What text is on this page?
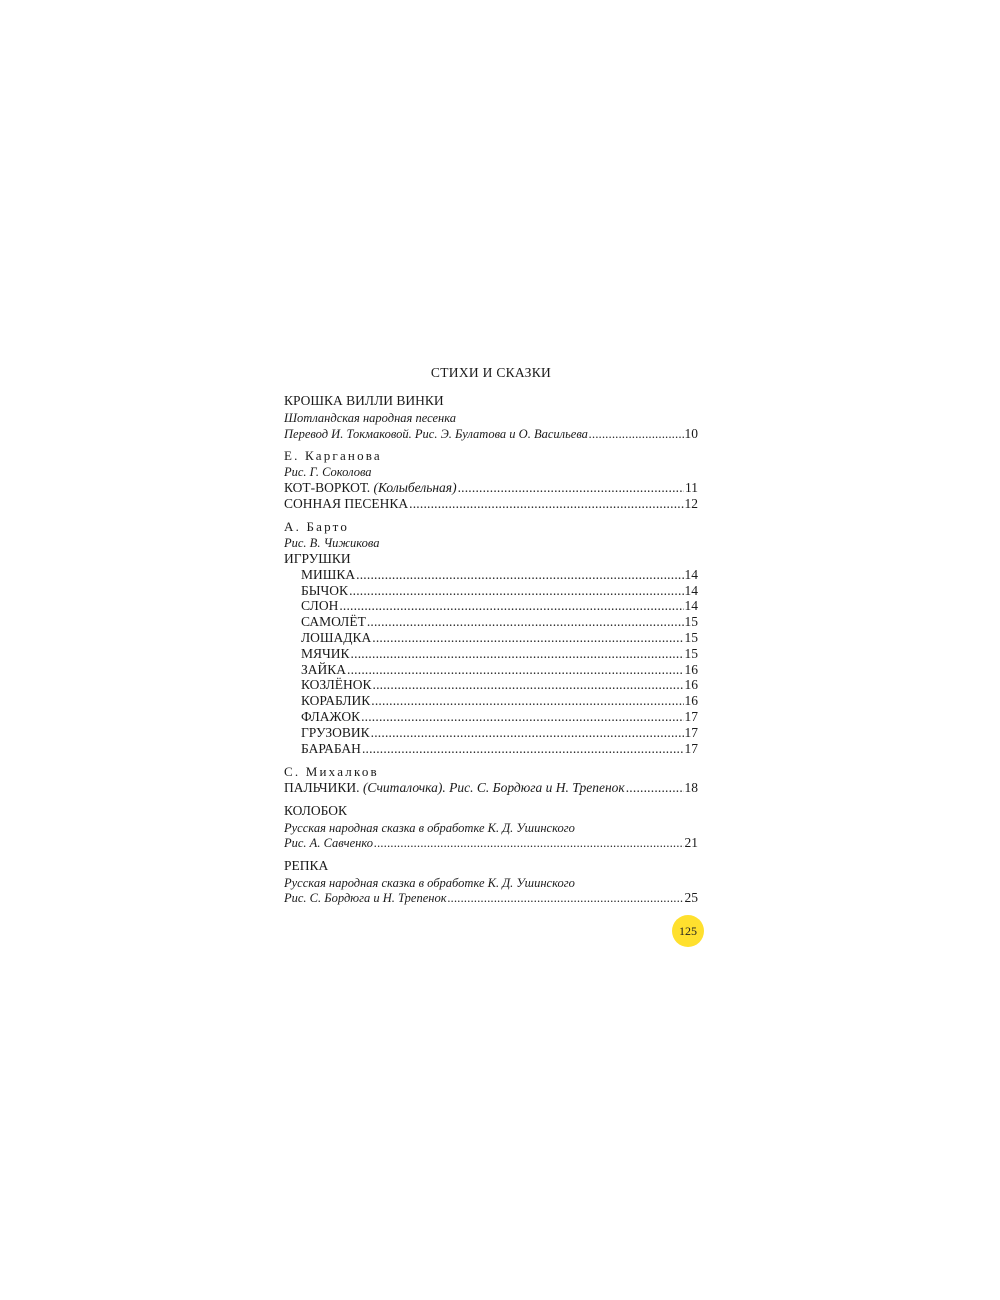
СТИХИ И СКАЗКИ
КРОШКА ВИЛЛИ ВИНКИ
Шотландская народная песенка
Перевод И. Токмаковой. Рис. Э. Булатова и О. Васильева .....	10
Е. Карганова
Рис. Г. Соколова
КОТ-ВОРКОТ. (Колыбельная) .....	11
СОННАЯ ПЕСЕНКА .....	12
А. Барто
Рис. В. Чижикова
ИГРУШКИ
МИШКА .....	14
БЫЧОК .....	14
СЛОН .....	14
САМОЛЁТ .....	15
ЛОШАДКА .....	15
МЯЧИК .....	15
ЗАЙКА .....	16
КОЗЛЁНОК .....	16
КОРАБЛИК .....	16
ФЛАЖОК .....	17
ГРУЗОВИК .....	17
БАРАБАН .....	17
С. Михалков
ПАЛЬЧИКИ. (Считалочка). Рис. С. Бордюга и Н. Трепенок .....	18
КОЛОБОК
Русская народная сказка в обработке К. Д. Ушинского
Рис. А. Савченко .....	21
РЕПКА
Русская народная сказка в обработке К. Д. Ушинского
Рис. С. Бордюга и Н. Трепенок .....	25
125
